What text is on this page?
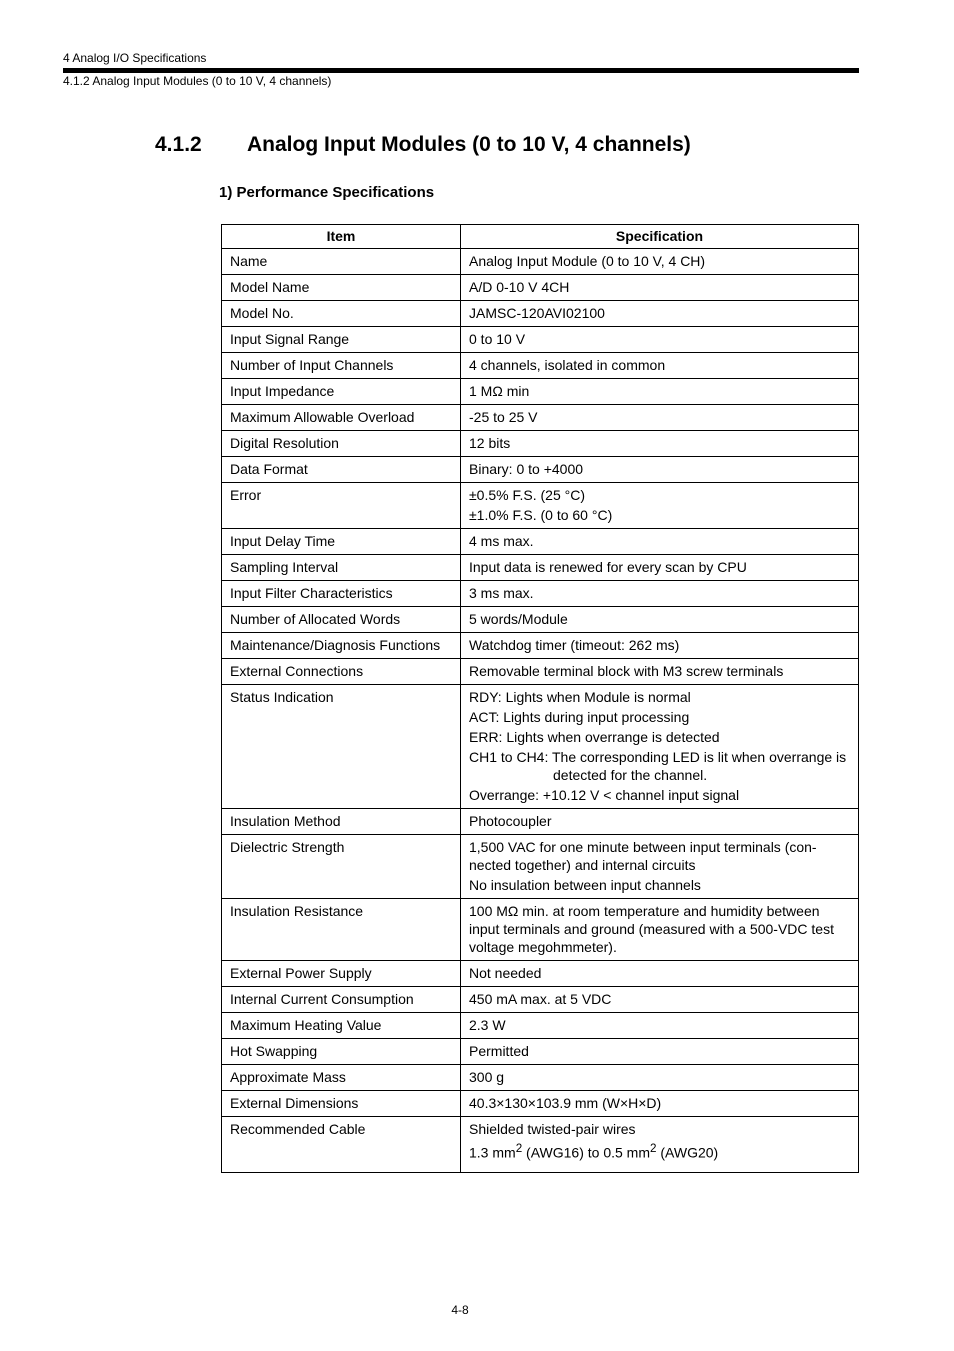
4 Analog I/O Specifications
4.1.2 Analog Input Modules (0 to 10 V, 4 channels)
4.1.2 Analog Input Modules (0 to 10 V, 4 channels)
1) Performance Specifications
Item	Specification
Name	Analog Input Module (0 to 10 V, 4 CH)

Model Name	A/D 0-10 V 4CH

Model No.	JAMSC-120AVI02100

Input Signal Range	0 to 10 V

Number of Input Channels	4 channels, isolated in common

Input Impedance	1 MΩ min

Maximum Allowable Overload	-25 to 25 V

Digital Resolution	12 bits

Data Format	Binary: 0 to +4000

Error	±0.5% F.S. (25 °C)
±1.0% F.S. (0 to 60 °C)

Input Delay Time	4 ms max.

Sampling Interval	Input data is renewed for every scan by CPU

Input Filter Characteristics	3 ms max.

Number of Allocated Words	5 words/Module

Maintenance/Diagnosis Functions	Watchdog timer (timeout: 262 ms)

External Connections	Removable terminal block with M3 screw terminals

Status Indication	RDY: Lights when Module is normal
ACT: Lights during input processing
ERR: Lights when overrange is detected
CH1 to CH4: The corresponding LED is lit when overrange is detected for the channel.
Overrange: +10.12 V < channel input signal

Insulation Method	Photocoupler

Dielectric Strength	1,500 VAC for one minute between input terminals (con-nected together) and internal circuits
No insulation between input channels

Insulation Resistance	100 MΩ min. at room temperature and humidity between input terminals and ground (measured with a 500-VDC test voltage megohmmeter).

External Power Supply	Not needed

Internal Current Consumption	450 mA max. at 5 VDC

Maximum Heating Value	2.3 W

Hot Swapping	Permitted

Approximate Mass	300 g

External Dimensions	40.3×130×103.9 mm (W×H×D)

Recommended Cable	Shielded twisted-pair wires
1.3 $mm^2$ (AWG16) to 0.5 $mm^2$ (AWG20)
4-8
